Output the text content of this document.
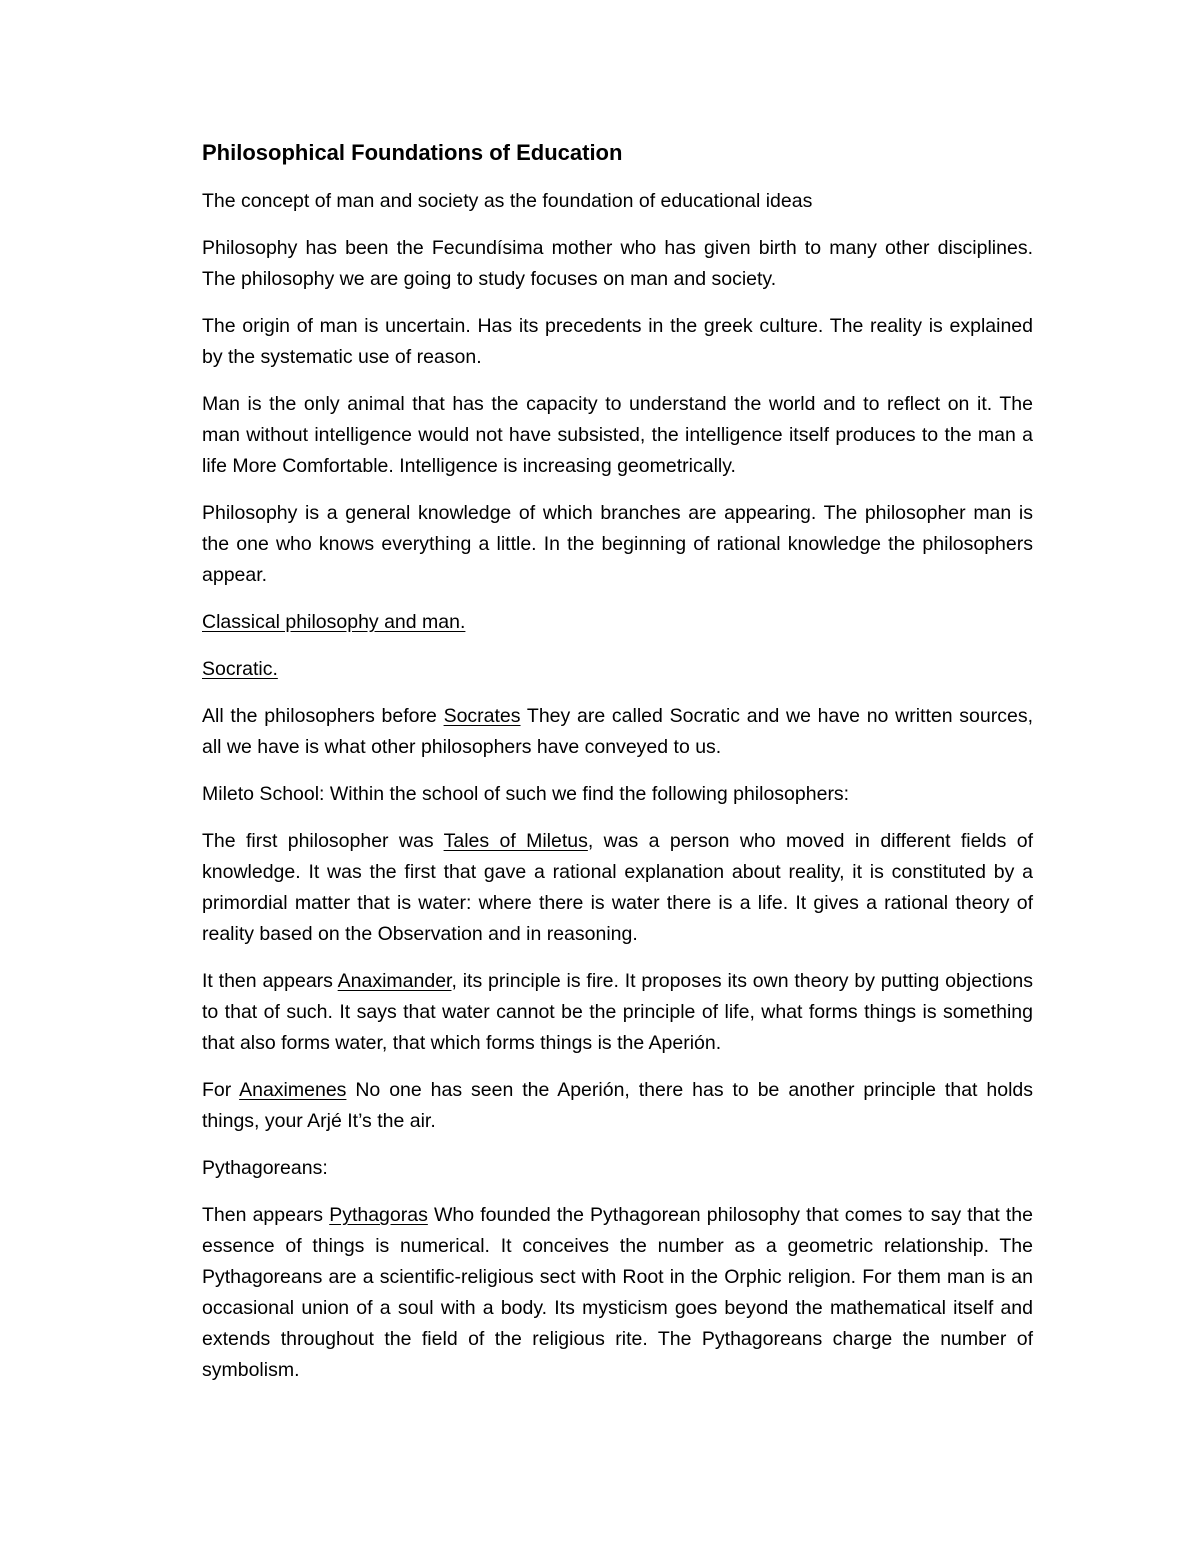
Philosophical Foundations of Education

The concept of man and society as the foundation of educational ideas

Philosophy has been the Fecundísima mother who has given birth to many other disciplines. The philosophy we are going to study focuses on man and society.

The origin of man is uncertain. Has its precedents in the greek culture. The reality is explained by the systematic use of reason.

Man is the only animal that has the capacity to understand the world and to reflect on it. The man without intelligence would not have subsisted, the intelligence itself produces to the man a life More Comfortable. Intelligence is increasing geometrically.

Philosophy is a general knowledge of which branches are appearing. The philosopher man is the one who knows everything a little. In the beginning of rational knowledge the philosophers appear.

Classical philosophy and man.

Socratic.

All the philosophers before Socrates They are called Socratic and we have no written sources, all we have is what other philosophers have conveyed to us.

Mileto School: Within the school of such we find the following philosophers:

The first philosopher was Tales of Miletus, was a person who moved in different fields of knowledge. It was the first that gave a rational explanation about reality, it is constituted by a primordial matter that is water: where there is water there is a life. It gives a rational theory of reality based on the Observation and in reasoning.

It then appears Anaximander, its principle is fire. It proposes its own theory by putting objections to that of such. It says that water cannot be the principle of life, what forms things is something that also forms water, that which forms things is the Aperión.

For Anaximenes No one has seen the Aperión, there has to be another principle that holds things, your Arjé It’s the air.

Pythagoreans:

Then appears Pythagoras Who founded the Pythagorean philosophy that comes to say that the essence of things is numerical. It conceives the number as a geometric relationship. The Pythagoreans are a scientific-religious sect with Root in the Orphic religion. For them man is an occasional union of a soul with a body. Its mysticism goes beyond the mathematical itself and extends throughout the field of the religious rite. The Pythagoreans charge the number of symbolism.
